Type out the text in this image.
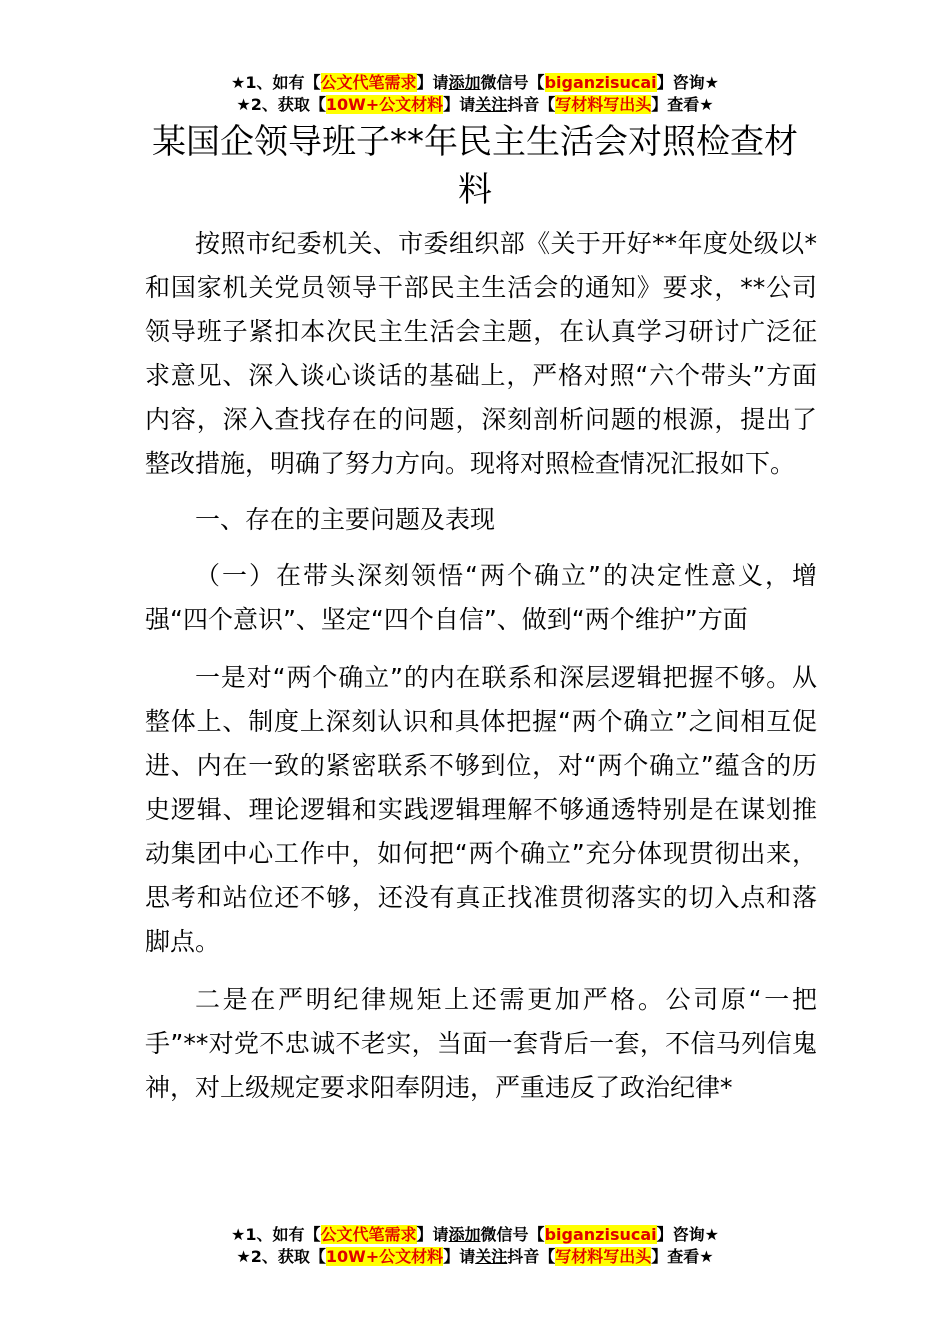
★1、如有【公文代笔需求】请添加微信号【biganzisucai】咨询★
★2、获取【10W+公文材料】请关注抖音【写材料写出头】查看★
某国企领导班子**年民主生活会对照检查材料

按照市纪委机关、市委组织部《关于开好**年度处级以*和国家机关党员领导干部民主生活会的通知》要求，**公司领导班子紧扣本次民主生活会主题，在认真学习研讨广泛征求意见、深入谈心谈话的基础上，严格对照“六个带头”方面内容，深入查找存在的问题，深刻剖析问题的根源，提出了整改措施，明确了努力方向。现将对照检查情况汇报如下。

一、存在的主要问题及表现

（一）在带头深刻领悟“两个确立”的决定性意义，增强“四个意识”、坚定“四个自信”、做到“两个维护”方面

一是对“两个确立”的内在联系和深层逻辑把握不够。从整体上、制度上深刻认识和具体把握“两个确立”之间相互促进、内在一致的紧密联系不够到位，对“两个确立”蕴含的历史逻辑、理论逻辑和实践逻辑理解不够通透特别是在谋划推动集团中心工作中，如何把“两个确立”充分体现贯彻出来，思考和站位还不够，还没有真正找准贯彻落实的切入点和落脚点。

二是在严明纪律规矩上还需更加严格。公司原“一把手”**对党不忠诚不老实，当面一套背后一套，不信马列信鬼神，对上级规定要求阳奉阴违，严重违反了政治纪律*

★1、如有【公文代笔需求】请添加微信号【biganzisucai】咨询★
★2、获取【10W+公文材料】请关注抖音【写材料写出头】查看★
